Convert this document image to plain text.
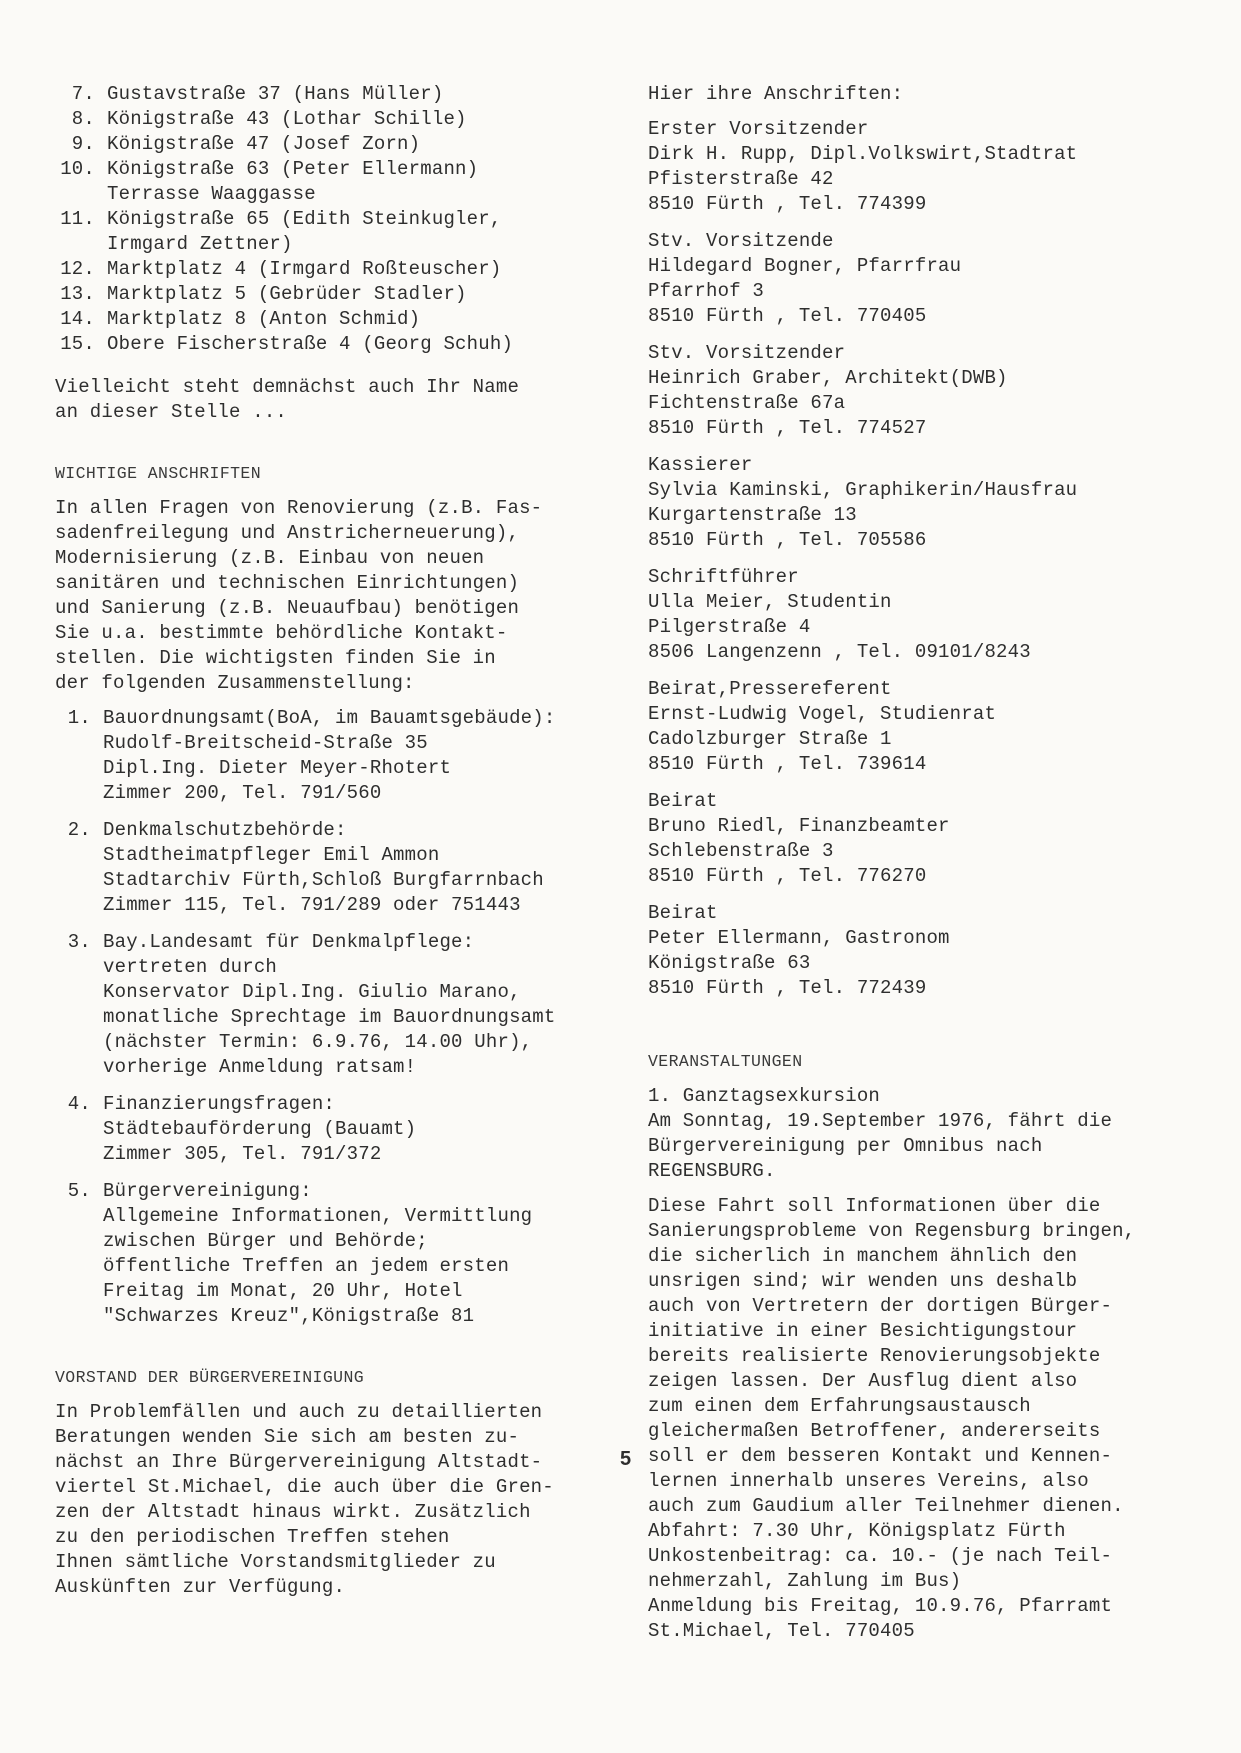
7. Gustavstraße 37 (Hans Müller)
8. Königstraße 43 (Lothar Schille)
9. Königstraße 47 (Josef Zorn)
10. Königstraße 63 (Peter Ellermann)
Terrasse Waaggasse
11. Königstraße 65 (Edith Steinkugler,
Irmgard Zettner)
12. Marktplatz 4 (Irmgard Roßteuscher)
13. Marktplatz 5 (Gebrüder Stadler)
14. Marktplatz 8 (Anton Schmid)
15. Obere Fischerstraße 4 (Georg Schuh)

Vielleicht steht demnächst auch Ihr Name
an dieser Stelle ...

WICHTIGE ANSCHRIFTEN

In allen Fragen von Renovierung (z.B. Fas-
sadenfreilegung und Anstricherneuerung),
Modernisierung (z.B. Einbau von neuen
sanitären und technischen Einrichtungen)
und Sanierung (z.B. Neuaufbau) benötigen
Sie u.a. bestimmte behördliche Kontakt-
stellen. Die wichtigsten finden Sie in
der folgenden Zusammenstellung:

1. Bauordnungsamt(BoA, im Bauamtsgebäude):
Rudolf-Breitscheid-Straße 35
Dipl.Ing. Dieter Meyer-Rhotert
Zimmer 200, Tel. 791/560
2. Denkmalschutzbehörde:
Stadtheimatpfleger Emil Ammon
Stadtarchiv Fürth,Schloß Burgfarrnbach
Zimmer 115, Tel. 791/289 oder 751443
3. Bay.Landesamt für Denkmalpflege:
vertreten durch
Konservator Dipl.Ing. Giulio Marano,
monatliche Sprechtage im Bauordnungsamt
(nächster Termin: 6.9.76, 14.00 Uhr),
vorherige Anmeldung ratsam!
4. Finanzierungsfragen:
Städtebauförderung (Bauamt)
Zimmer 305, Tel. 791/372
5. Bürgervereinigung:
Allgemeine Informationen, Vermittlung
zwischen Bürger und Behörde;
öffentliche Treffen an jedem ersten
Freitag im Monat, 20 Uhr, Hotel
"Schwarzes Kreuz",Königstraße 81

VORSTAND DER BÜRGERVEREINIGUNG

In Problemfällen und auch zu detaillierten
Beratungen wenden Sie sich am besten zu-
nächst an Ihre Bürgervereinigung Altstadt-
viertel St.Michael, die auch über die Gren-
zen der Altstadt hinaus wirkt. Zusätzlich
zu den periodischen Treffen stehen
Ihnen sämtliche Vorstandsmitglieder zu
Auskünften zur Verfügung.

Hier ihre Anschriften:

Erster Vorsitzender
Dirk H. Rupp, Dipl.Volkswirt,Stadtrat
Pfisterstraße 42
8510 Fürth , Tel. 774399

Stv. Vorsitzende
Hildegard Bogner, Pfarrfrau
Pfarrhof 3
8510 Fürth , Tel. 770405

Stv. Vorsitzender
Heinrich Graber, Architekt(DWB)
Fichtenstraße 67a
8510 Fürth , Tel. 774527

Kassierer
Sylvia Kaminski, Graphikerin/Hausfrau
Kurgartenstraße 13
8510 Fürth , Tel. 705586

Schriftführer
Ulla Meier, Studentin
Pilgerstraße 4
8506 Langenzenn , Tel. 09101/8243

Beirat,Pressereferent
Ernst-Ludwig Vogel, Studienrat
Cadolzburger Straße 1
8510 Fürth , Tel. 739614

Beirat
Bruno Riedl, Finanzbeamter
Schlebenstraße 3
8510 Fürth , Tel. 776270

Beirat
Peter Ellermann, Gastronom
Königstraße 63
8510 Fürth , Tel. 772439

VERANSTALTUNGEN

1. Ganztagsexkursion
Am Sonntag, 19.September 1976, fährt die
Bürgervereinigung per Omnibus nach
REGENSBURG.

Diese Fahrt soll Informationen über die
Sanierungsprobleme von Regensburg bringen,
die sicherlich in manchem ähnlich den
unsrigen sind; wir wenden uns deshalb
auch von Vertretern der dortigen Bürger-
initiative in einer Besichtigungstour
bereits realisierte Renovierungsobjekte
zeigen lassen. Der Ausflug dient also
zum einen dem Erfahrungsaustausch
gleichermaßen Betroffener, andererseits
soll er dem besseren Kontakt und Kennen-
lernen innerhalb unseres Vereins, also
auch zum Gaudium aller Teilnehmer dienen.
Abfahrt: 7.30 Uhr, Königsplatz Fürth
Unkostenbeitrag: ca. 10.- (je nach Teil-
nehmerzahl, Zahlung im Bus)
Anmeldung bis Freitag, 10.9.76, Pfarramt
St.Michael, Tel. 770405

5
